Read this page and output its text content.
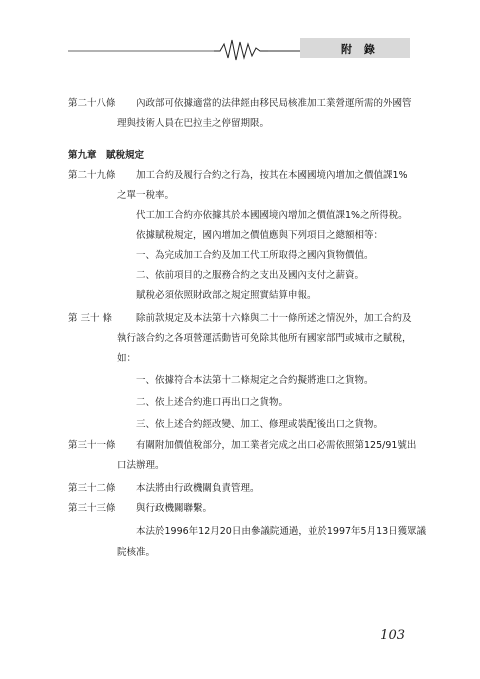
附 錄
第二十八條 內政部可依據適當的法律經由移民局核准加工業營運所需的外國管
理與技術人員在巴拉圭之停留期限。
第九章　賦稅規定
第二十九條 加工合約及履行合約之行為，按其在本國國境內增加之價值課1%
之單一稅率。
代工加工合約亦依據其於本國國境內增加之價值課1%之所得稅。
依據賦稅規定，國內增加之價值應與下列項目之總額相等：
一、為完成加工合約及加工代工所取得之國內貨物價值。
二、依前項目的之服務合約之支出及國內支付之薪資。
賦稅必須依照財政部之規定照實結算申報。
第 三十 條	除前款規定及本法第十六條與二十一條所述之情況外，加工合約及
執行該合約之各項營運活動皆可免除其他所有國家部門或城市之賦稅，
如：
一、依據符合本法第十二條規定之合約擬將進口之貨物。
二、依上述合約進口再出口之貨物。
三、依上述合約經改變、加工、修理或裝配後出口之貨物。
第三十一條 有關附加價值稅部分，加工業者完成之出口必需依照第125/91號出
口法辦理。
第三十二條 本法將由行政機關負責管理。
第三十三條 與行政機關聯繫。
本法於1996年12月20日由參議院通過，並於1997年5月13日獲眾議
院核准。
103
